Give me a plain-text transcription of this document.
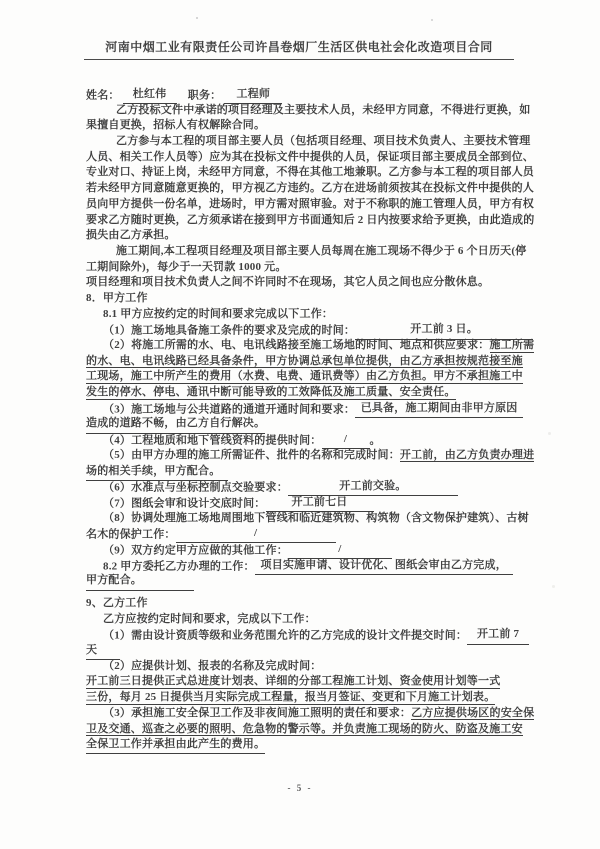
河南中烟工业有限责任公司许昌卷烟厂生活区供电社会化改造项目合同
姓名： 杜红伟　职务： 工程师
乙方投标文件中承诺的项目经理及主要技术人员，未经甲方同意，不得进行更换，如
果擅自更换，招标人有权解除合同。
乙方参与本工程的项目部主要人员（包括项目经理、项目技术负责人、主要技术管理
人员、相关工作人员等）应为其在投标文件中提供的人员，保证项目部主要成员全部到位、
专业对口、持证上岗，未经甲方同意，不得在其他工地兼职。乙方参与本工程的项目部人员
若未经甲方同意随意更换的，甲方视乙方违约。乙方在进场前须按其在投标文件中提供的人
员向甲方提供一份名单，进场时，甲方需对照审验。对于不称职的施工管理人员，甲方有权
要求乙方随时更换，乙方须承诺在接到甲方书面通知后 2 日内按要求给予更换，由此造成的
损失由乙方承担。
施工期间,本工程项目经理及项目部主要人员每周在施工现场不得少于 6 个日历天(停
工期间除外)，每少于一天罚款 1000 元。
项目经理和项目技术负责人之间不许同时不在现场，其它人员之间也应分散休息。
8．甲方工作
8.1 甲方应按约定的时间和要求完成以下工作：
（1）施工场地具备施工条件的要求及完成的时间：	开工前 3 日。
（2）将施工所需的水、电、电讯线路接至施工场地的时间、地点和供应要求：施工所需
的水、电、电讯线路已经具备条件，甲方协调总承包单位提供，由乙方承担按规范接至施
工现场，施工中所产生的费用（水费、电费、通讯费等）由乙方负担。甲方不承担施工中
发生的停水、停电、通讯中断可能导致的工效降低及施工质量、安全责任。
（3）施工场地与公共道路的通道开通时间和要求： 已具备，施工期间由非甲方原因
造成的道路不畅，由乙方自行解决。
（4）工程地质和地下管线资料的提供时间： / 。
（5）由甲方办理的施工所需证件、批件的名称和完成时间：开工前，由乙方负责办理进
场的相关手续，甲方配合。
（6）水准点与坐标控制点交验要求：	开工前交验。
（7）图纸会审和设计交底时间： 开工前七日
（8）协调处理施工场地周围地下管线和临近建筑物、构筑物（含文物保护建筑）、古树
名木的保护工作：	/
（9）双方约定甲方应做的其他工作：	/
8.2 甲方委托乙方办理的工作： 项目实施申请、设计优化、图纸会审由乙方完成，
甲方配合。
9、乙方工作
乙方应按约定时间和要求，完成以下工作：
（1）需由设计资质等级和业务范围允许的乙方完成的设计文件提交时间： 开工前 7
天
（2）应提供计划、报表的名称及完成时间：
开工前三日提供正式总进度计划表、详细的分部工程施工计划、资金使用计划等一式
三份，每月 25 日提供当月实际完成工程量，报当月签证、变更和下月施工计划表。
（3）承担施工安全保卫工作及非夜间施工照明的责任和要求：乙方应提供场区的安全保
卫及交通、巡查之必要的照明、危急物的警示等。并负责施工现场的防火、防盗及施工安
全保卫工作并承担由此产生的费用。
- 5 -
